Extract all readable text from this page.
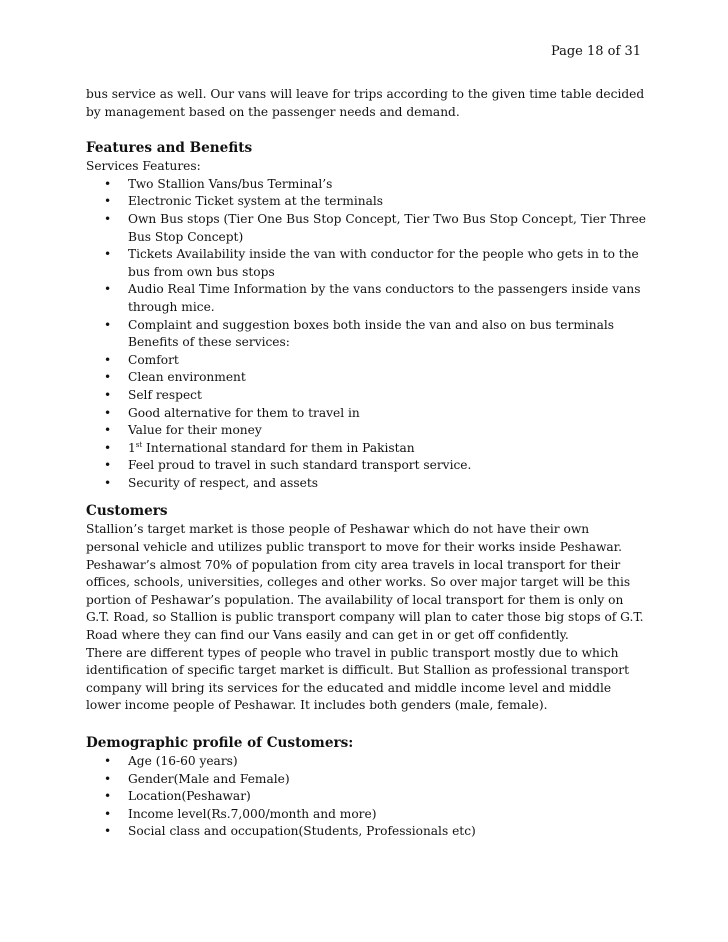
Page 18 of 31

bus service as well. Our vans will leave for trips according to the given time table decided by management based on the passenger needs and demand.

Features and Benefits

Services Features:

• Two Stallion Vans/bus Terminal’s
• Electronic Ticket system at the terminals
• Own Bus stops (Tier One Bus Stop Concept, Tier Two Bus Stop Concept, Tier Three Bus Stop Concept)
• Tickets Availability inside the van with conductor for the people who gets in to the bus from own bus stops
• Audio Real Time Information by the vans conductors to the passengers inside vans through mice.
• Complaint and suggestion boxes both inside the van and also on bus terminals

Benefits of these services:

• Comfort
• Clean environment
• Self respect
• Good alternative for them to travel in
• Value for their money
• 1st International standard for them in Pakistan
• Feel proud to travel in such standard transport service.
• Security of respect, and assets
Customers

Stallion’s target market is those people of Peshawar which do not have their own personal vehicle and utilizes public transport to move for their works inside Peshawar. Peshawar’s almost 70% of population from city area travels in local transport for their offices, schools, universities, colleges and other works. So over major target will be this portion of Peshawar’s population. The availability of local transport for them is only on G.T. Road, so Stallion is public transport company will plan to cater those big stops of G.T. Road where they can find our Vans easily and can get in or get off confidently.

There are different types of people who travel in public transport mostly due to which identification of specific target market is difficult. But Stallion as professional transport company will bring its services for the educated and middle income level and middle lower income people of Peshawar. It includes both genders (male, female).

Demographic profile of Customers:
• Age (16-60 years)
• Gender(Male and Female)
• Location(Peshawar)
• Income level(Rs.7,000/month and more)
• Social class and occupation(Students, Professionals etc)
